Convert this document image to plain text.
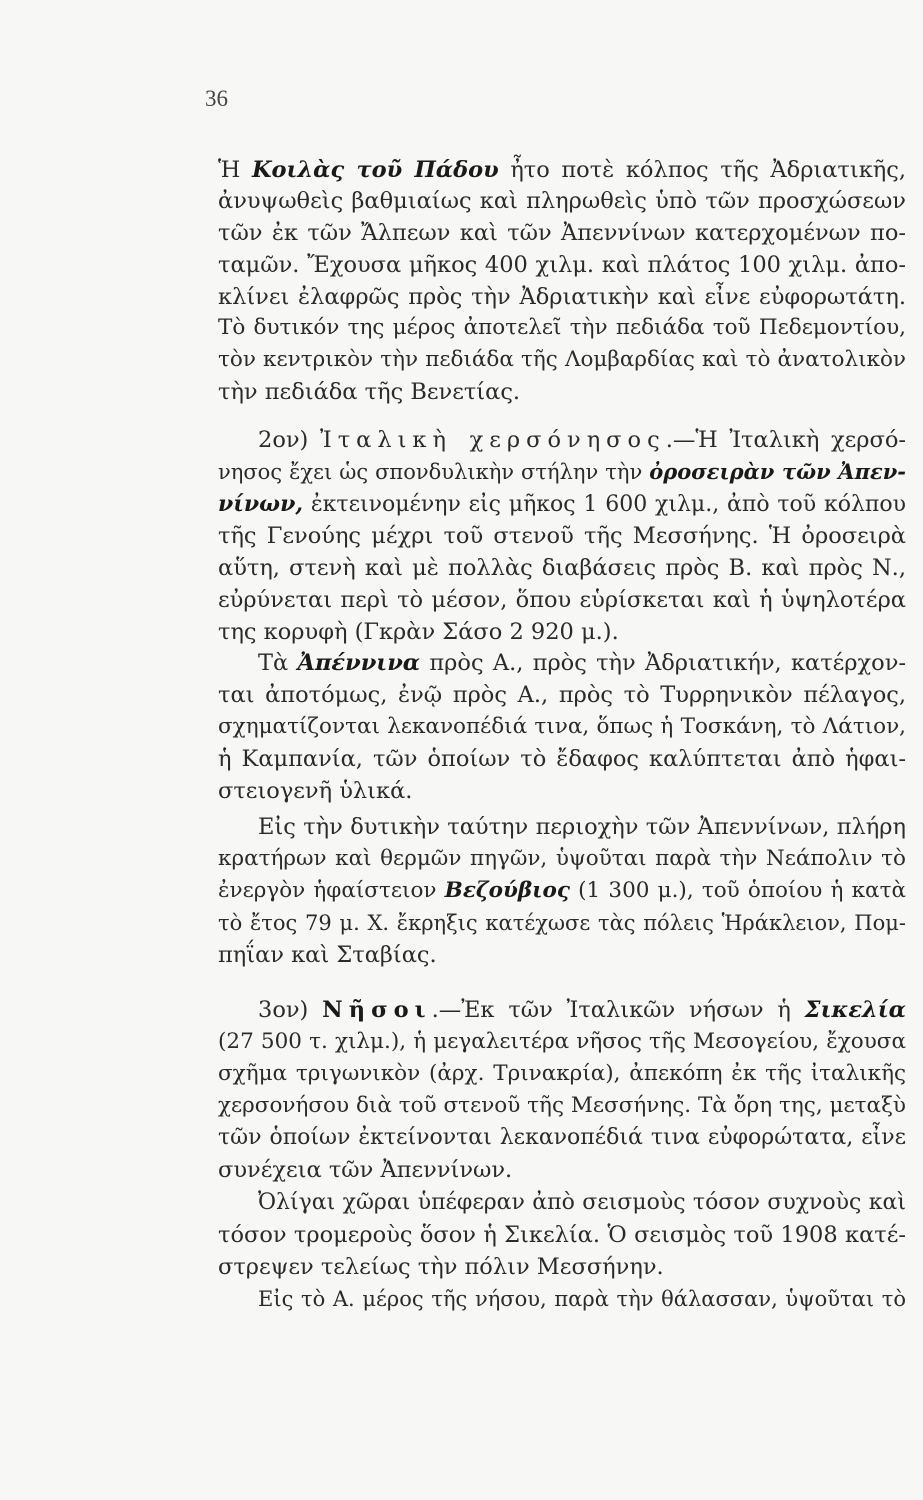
36
Ἡ Κοιλὰς τοῦ Πάδου ἦτο ποτὲ κόλπος τῆς Ἀδριατικῆς,
ἀνυψωθεὶς βαθμιαίως καὶ πληρωθεὶς ὑπὸ τῶν προσχώσεων
τῶν ἐκ τῶν Ἄλπεων καὶ τῶν Ἀπεννίνων κατερχομένων πο-
ταμῶν. Ἔχουσα μῆκος 400 χιλμ. καὶ πλάτος 100 χιλμ. ἀπο-
κλίνει ἐλαφρῶς πρὸς τὴν Ἀδριατικὴν καὶ εἶνε εὐφορωτάτη.
Τὸ δυτικόν της μέρος ἀποτελεῖ τὴν πεδιάδα τοῦ Πεδεμοντίου,
τὸν κεντρικὸν τὴν πεδιάδα τῆς Λομβαρδίας καὶ τὸ ἀνατολικὸν
τὴν πεδιάδα τῆς Βενετίας.
2ον) Ἰταλικὴ χερσόνησος.—Ἡ Ἰταλικὴ χερσό-
νησος ἔχει ὡς σπονδυλικὴν στήλην τὴν ὀροσειρὰν τῶν Ἀπεν-
νίνων, ἐκτεινομένην εἰς μῆκος 1 600 χιλμ., ἀπὸ τοῦ κόλπου
τῆς Γενούης μέχρι τοῦ στενοῦ τῆς Μεσσήνης. Ἡ ὀροσειρὰ
αὕτη, στενὴ καὶ μὲ πολλὰς διαβάσεις πρὸς Β. καὶ πρὸς Ν.,
εὐρύνεται περὶ τὸ μέσον, ὅπου εὑρίσκεται καὶ ἡ ὑψηλοτέρα
της κορυφὴ (Γκρὰν Σάσο 2 920 μ.).
Τὰ Ἀπέννινα πρὸς Α., πρὸς τὴν Ἀδριατικήν, κατέρχον-
ται ἀποτόμως, ἐνῷ πρὸς Α., πρὸς τὸ Τυρρηνικὸν πέλαγος,
σχηματίζονται λεκανοπέδιά τινα, ὅπως ἡ Τοσκάνη, τὸ Λάτιον,
ἡ Καμπανία, τῶν ὁποίων τὸ ἔδαφος καλύπτεται ἀπὸ ἡφαι-
στειογενῆ ὑλικά.
Εἰς τὴν δυτικὴν ταύτην περιοχὴν τῶν Ἀπεννίνων, πλήρη
κρατήρων καὶ θερμῶν πηγῶν, ὑψοῦται παρὰ τὴν Νεάπολιν τὸ
ἐνεργὸν ἡφαίστειον Βεζούβιος (1 300 μ.), τοῦ ὁποίου ἡ κατὰ
τὸ ἔτος 79 μ. Χ. ἔκρηξις κατέχωσε τὰς πόλεις Ἡράκλειον, Πομ-
πηΐαν καὶ Σταβίας.
3ον) Νῆσοι.—Ἐκ τῶν Ἰταλικῶν νήσων ἡ Σικελία
(27 500 τ. χιλμ.), ἡ μεγαλειτέρα νῆσος τῆς Μεσογείου, ἔχουσα
σχῆμα τριγωνικὸν (ἀρχ. Τρινακρία), ἀπεκόπη ἐκ τῆς ἰταλικῆς
χερσονήσου διὰ τοῦ στενοῦ τῆς Μεσσήνης. Τὰ ὄρη της, μεταξὺ
τῶν ὁποίων ἐκτείνονται λεκανοπέδιά τινα εὐφορώτατα, εἶνε
συνέχεια τῶν Ἀπεννίνων.
Ὀλίγαι χῶραι ὑπέφεραν ἀπὸ σεισμοὺς τόσον συχνοὺς καὶ
τόσον τρομεροὺς ὅσον ἡ Σικελία. Ὁ σεισμὸς τοῦ 1908 κατέ-
στρεψεν τελείως τὴν πόλιν Μεσσήνην.
Εἰς τὸ Α. μέρος τῆς νήσου, παρὰ τὴν θάλασσαν, ὑψοῦται τὸ
